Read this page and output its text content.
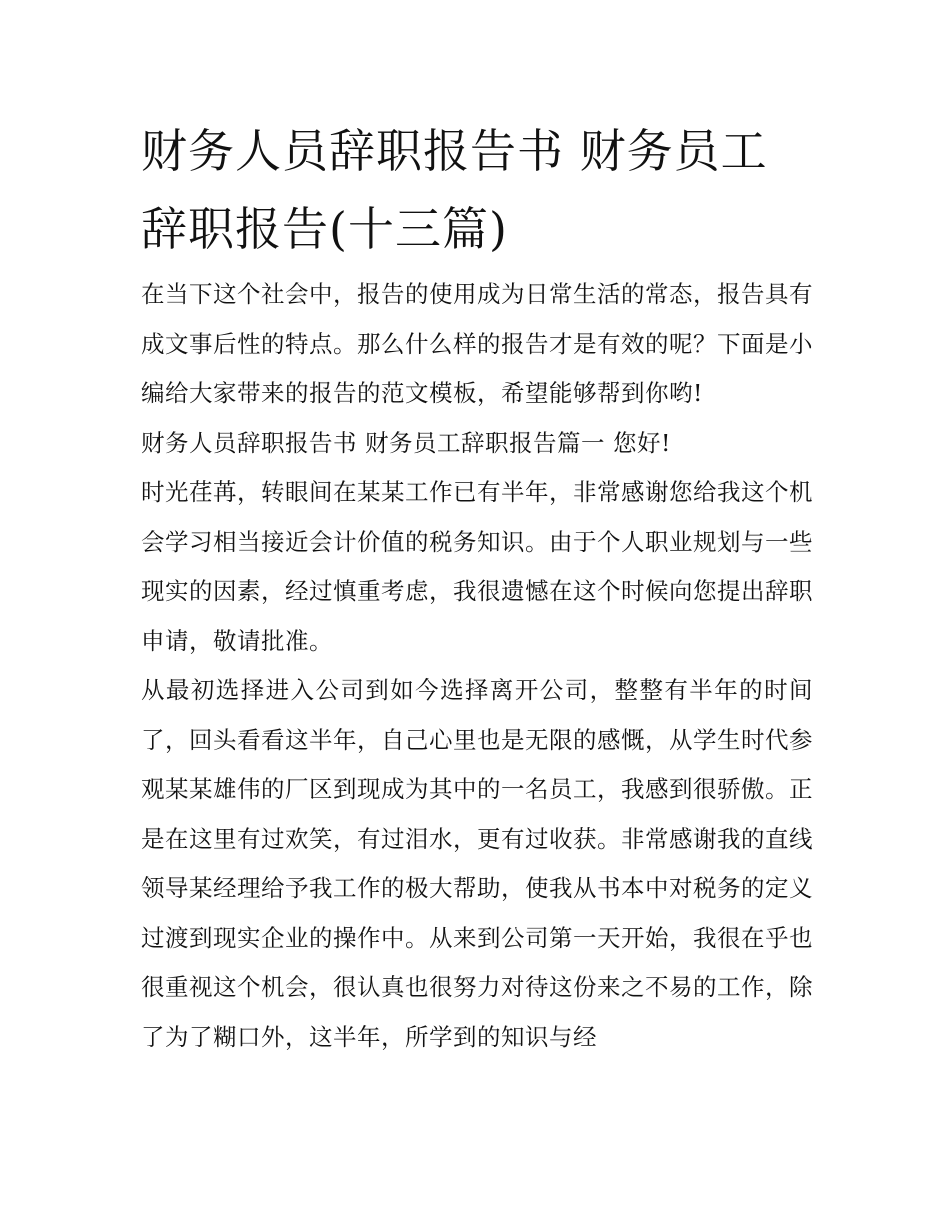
财务人员辞职报告书 财务员工辞职报告(十三篇)

在当下这个社会中，报告的使用成为日常生活的常态，报告具有成文事后性的特点。那么什么样的报告才是有效的呢？下面是小编给大家带来的报告的范文模板，希望能够帮到你哟!

财务人员辞职报告书 财务员工辞职报告篇一 您好!

时光荏苒，转眼间在某某工作已有半年，非常感谢您给我这个机会学习相当接近会计价值的税务知识。由于个人职业规划与一些现实的因素，经过慎重考虑，我很遗憾在这个时候向您提出辞职申请，敬请批准。

从最初选择进入公司到如今选择离开公司，整整有半年的时间了，回头看看这半年，自己心里也是无限的感慨，从学生时代参观某某雄伟的厂区到现成为其中的一名员工，我感到很骄傲。正是在这里有过欢笑，有过泪水，更有过收获。非常感谢我的直线领导某经理给予我工作的极大帮助，使我从书本中对税务的定义过渡到现实企业的操作中。从来到公司第一天开始，我很在乎也很重视这个机会，很认真也很努力对待这份来之不易的工作，除了为了糊口外，这半年，所学到的知识与经
